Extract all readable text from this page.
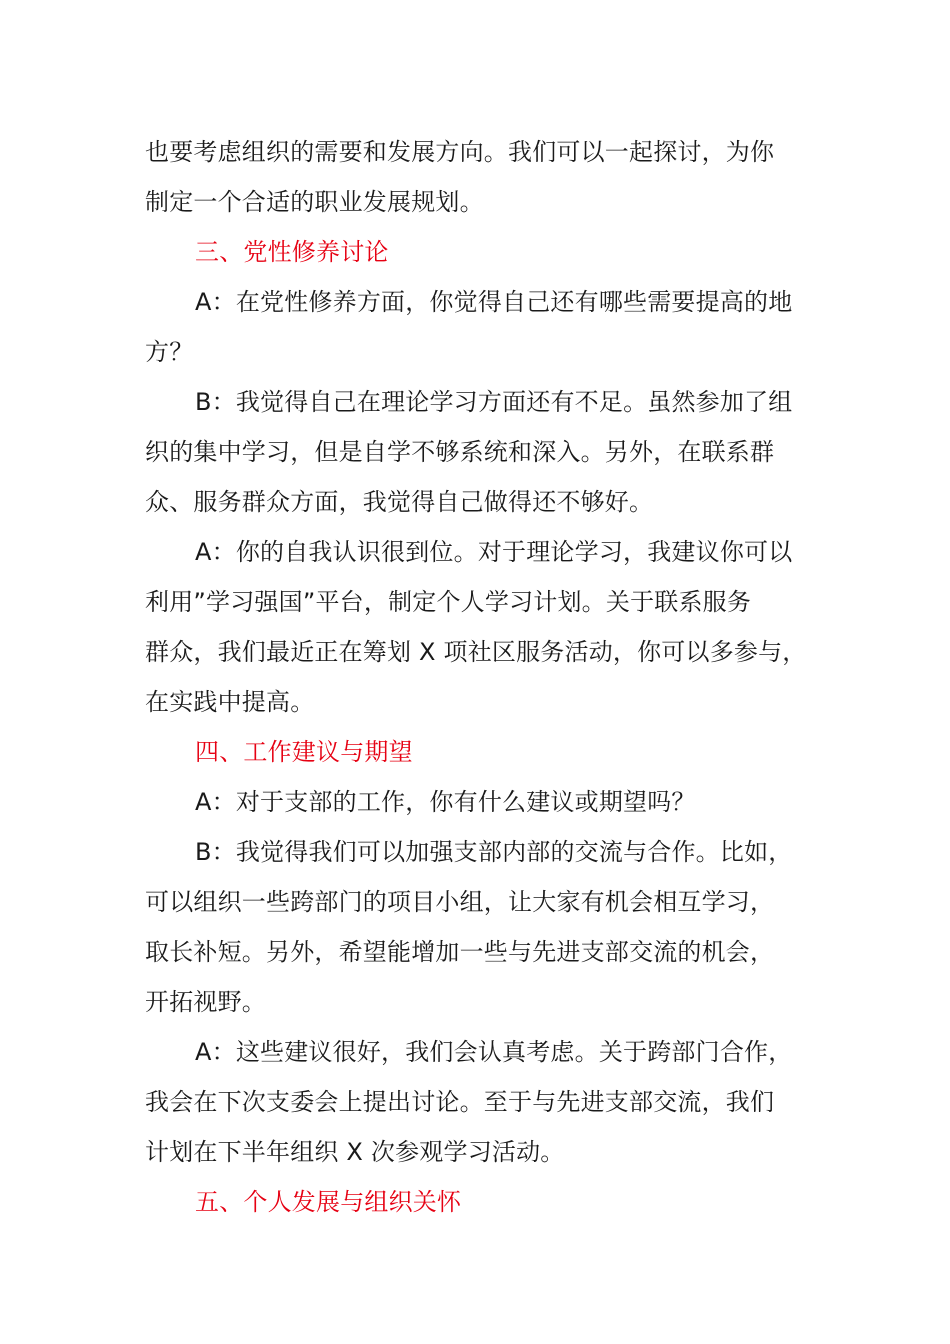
也要考虑组织的需要和发展方向。我们可以一起探讨，为你
制定一个合适的职业发展规划。
三、党性修养讨论
A：在党性修养方面，你觉得自己还有哪些需要提高的地
方？
B：我觉得自己在理论学习方面还有不足。虽然参加了组
织的集中学习，但是自学不够系统和深入。另外，在联系群
众、服务群众方面，我觉得自己做得还不够好。
A：你的自我认识很到位。对于理论学习，我建议你可以
利用”学习强国”平台，制定个人学习计划。关于联系服务
群众，我们最近正在筹划 X 项社区服务活动，你可以多参与，
在实践中提高。
四、工作建议与期望
A：对于支部的工作，你有什么建议或期望吗？
B：我觉得我们可以加强支部内部的交流与合作。比如，
可以组织一些跨部门的项目小组，让大家有机会相互学习，
取长补短。另外，希望能增加一些与先进支部交流的机会，
开拓视野。
A：这些建议很好，我们会认真考虑。关于跨部门合作，
我会在下次支委会上提出讨论。至于与先进支部交流，我们
计划在下半年组织 X 次参观学习活动。
五、个人发展与组织关怀
